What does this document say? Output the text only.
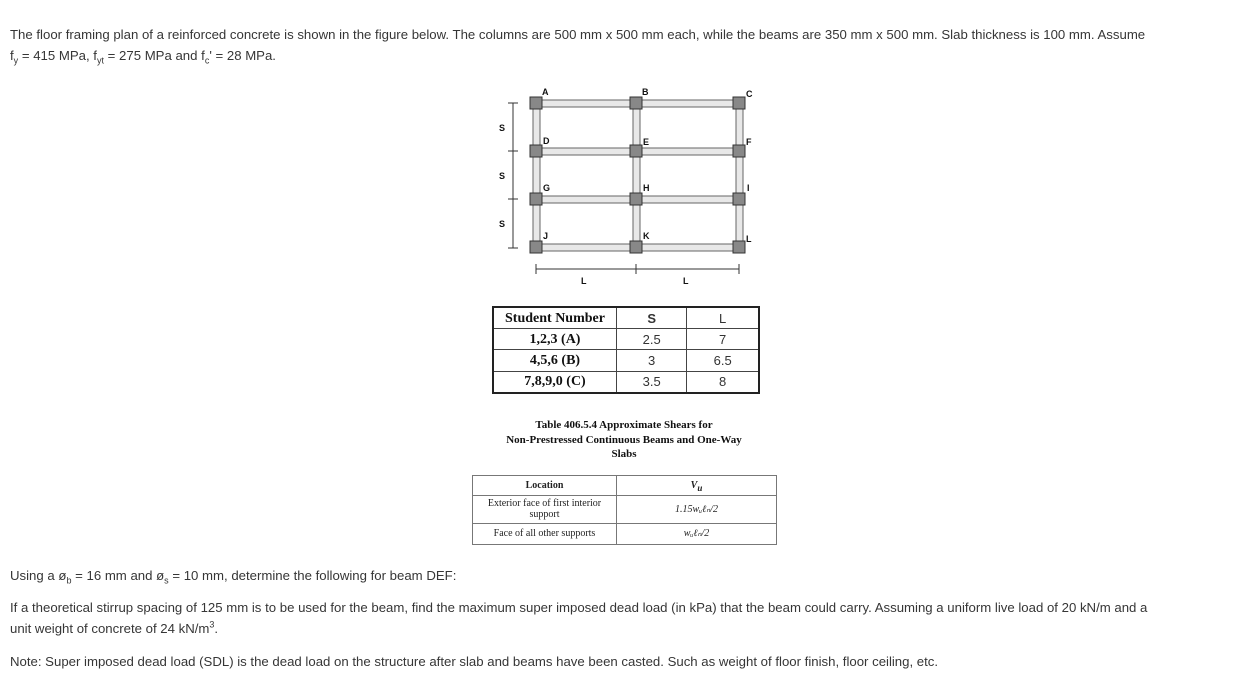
The floor framing plan of a reinforced concrete is shown in the figure below. The columns are 500 mm x 500 mm each, while the beams are 350 mm x 500 mm. Slab thickness is 100 mm. Assume
$f_y = 415$ MPa, $f_{yt} = 275$ MPa and $f_c' = 28$ MPa.
A	B	C
D	E	F
G	H	I
J	K	L
S
S
S
L	L
Student Number	S	L
1,2,3 (A)	2.5	7
4,5,6 (B)	3	6.5
7,8,9,0 (C)	3.5	8
Table 406.5.4 Approximate Shears for
Non-Prestressed Continuous Beams and One-Way
Slabs
Location	$V_u$
Exterior face of first interior
support	1.15wᵤℓₙ/2
Face of all other supports	wᵤℓₙ/2
Using a $ø_b = 16$ mm and $ø_s = 10$ mm, determine the following for beam DEF:
If a theoretical stirrup spacing of 125 mm is to be used for the beam, find the maximum super imposed dead load (in kPa) that the beam could carry. Assuming a uniform live load of 20 kN/m and a
unit weight of concrete of 24 $kN/m^3$.
Note: Super imposed dead load (SDL) is the dead load on the structure after slab and beams have been casted. Such as weight of floor finish, floor ceiling, etc.
